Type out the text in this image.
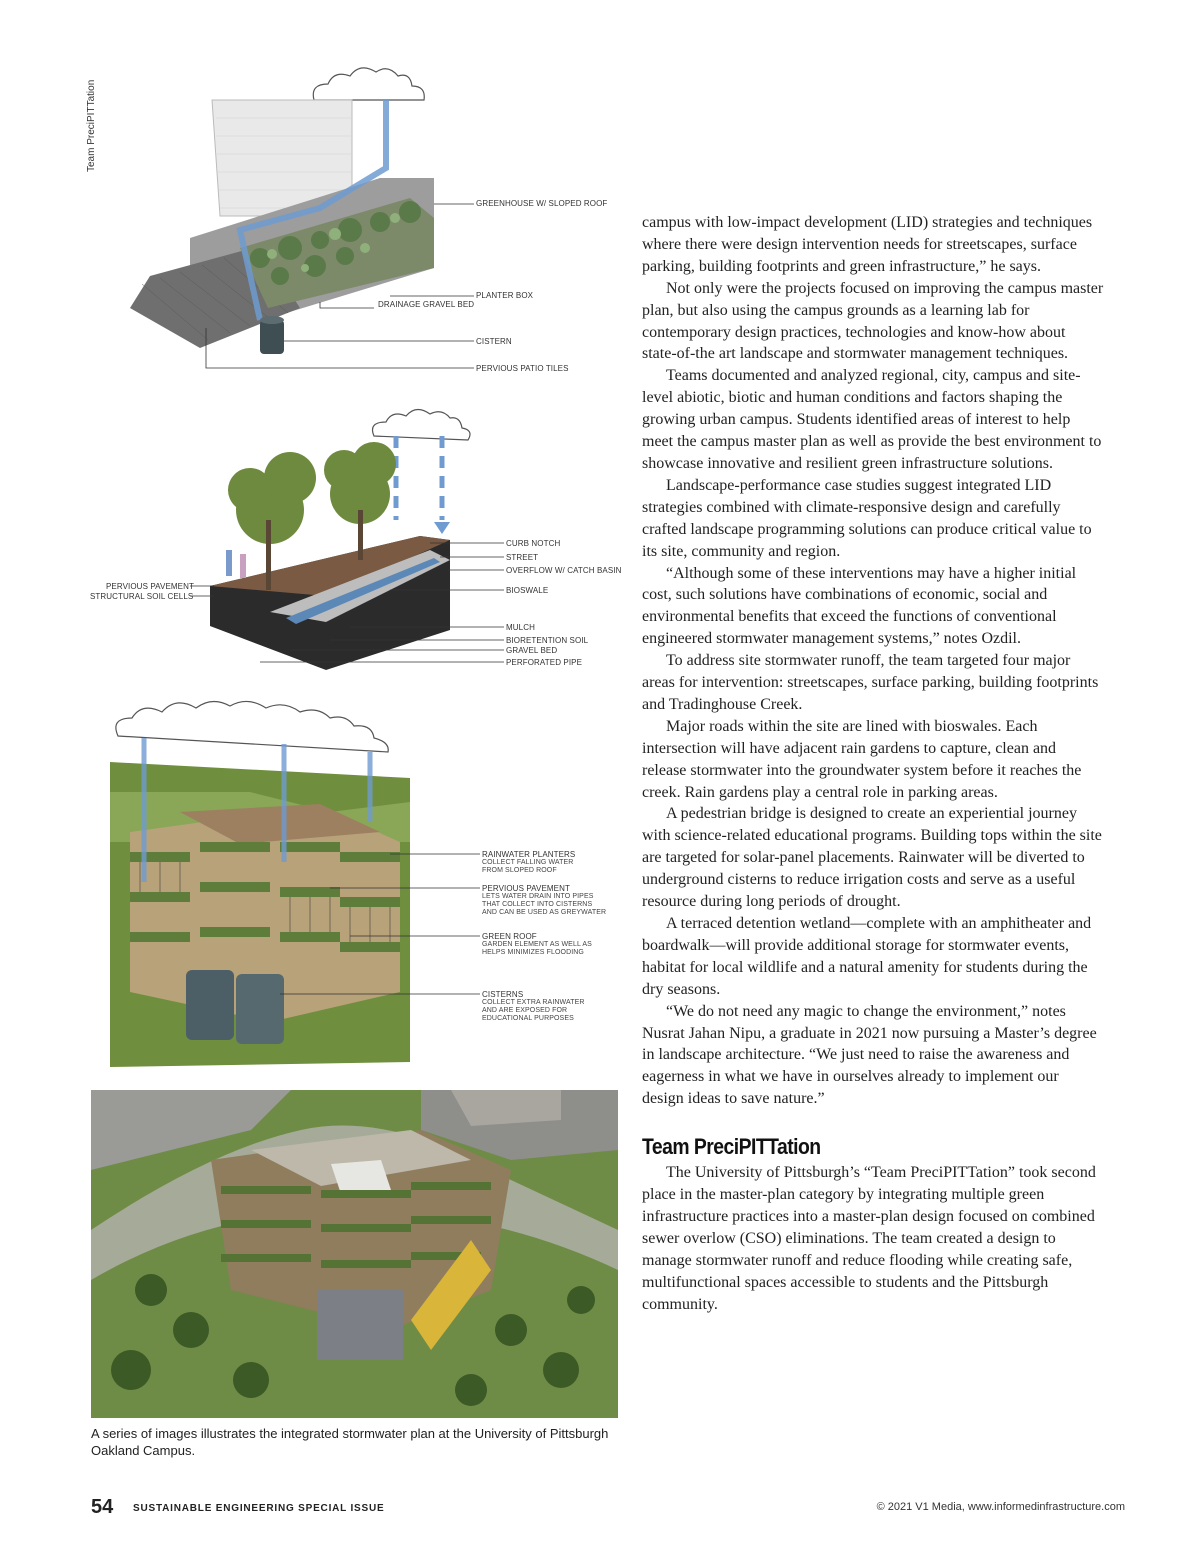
Team PreciPITTation
GREENHOUSE W/ SLOPED ROOF
PLANTER BOX
DRAINAGE GRAVEL BED
CISTERN
PERVIOUS PATIO TILES
CURB NOTCH
STREET
OVERFLOW W/ CATCH BASIN
BIOSWALE
MULCH
BIORETENTION SOIL
GRAVEL BED
PERFORATED PIPE
PERVIOUS PAVEMENT
STRUCTURAL SOIL CELLS
RAINWATER PLANTERS
COLLECT FALLING WATER
FROM SLOPED ROOF
PERVIOUS PAVEMENT
LETS WATER DRAIN INTO PIPES
THAT COLLECT INTO CISTERNS
AND CAN BE USED AS GREYWATER
GREEN ROOF
GARDEN ELEMENT AS WELL AS
HELPS MINIMIZES FLOODING
CISTERNS
COLLECT EXTRA RAINWATER
AND ARE EXPOSED FOR
EDUCATIONAL PURPOSES
A series of images illustrates the integrated stormwater plan at the University of Pittsburgh Oakland Campus.

campus with low-impact development (LID) strategies and techniques where there were design intervention needs for streetscapes, surface parking, building footprints and green infrastructure,” he says.

Not only were the projects focused on improving the campus master plan, but also using the campus grounds as a learning lab for contemporary design practices, technologies and know-how about state-of-the art landscape and stormwater management techniques.

Teams documented and analyzed regional, city, campus and site-level abiotic, biotic and human conditions and factors shaping the growing urban campus. Students identified areas of interest to help meet the campus master plan as well as provide the best environment to showcase innovative and resilient green infrastructure solutions.

Landscape-performance case studies suggest integrated LID strategies combined with climate-responsive design and carefully crafted landscape programming solutions can produce critical value to its site, community and region.

“Although some of these interventions may have a higher initial cost, such solutions have combinations of economic, social and environmental benefits that exceed the functions of conventional engineered stormwater management systems,” notes Ozdil.

To address site stormwater runoff, the team targeted four major areas for intervention: streetscapes, surface parking, building footprints and Tradinghouse Creek.

Major roads within the site are lined with bioswales. Each intersection will have adjacent rain gardens to capture, clean and release stormwater into the groundwater system before it reaches the creek. Rain gardens play a central role in parking areas.

A pedestrian bridge is designed to create an experiential journey with science-related educational programs. Building tops within the site are targeted for solar-panel placements. Rainwater will be diverted to underground cisterns to reduce irrigation costs and serve as a useful resource during long periods of drought.

A terraced detention wetland—complete with an amphitheater and boardwalk—will provide additional storage for stormwater events, habitat for local wildlife and a natural amenity for students during the dry seasons.

“We do not need any magic to change the environment,” notes Nusrat Jahan Nipu, a graduate in 2021 now pursuing a Master’s degree in landscape architecture. “We just need to raise the awareness and eagerness in what we have in ourselves already to implement our design ideas to save nature.”

Team PreciPITTation

The University of Pittsburgh’s “Team PreciPITTation” took second place in the master-plan category by integrating multiple green infrastructure practices into a master-plan design focused on combined sewer overlow (CSO) eliminations. The team created a design to manage stormwater runoff and reduce flooding while creating safe, multifunctional spaces accessible to students and the Pittsburgh community.

54 SUSTAINABLE ENGINEERING SPECIAL ISSUE	© 2021 V1 Media, www.informedinfrastructure.com
